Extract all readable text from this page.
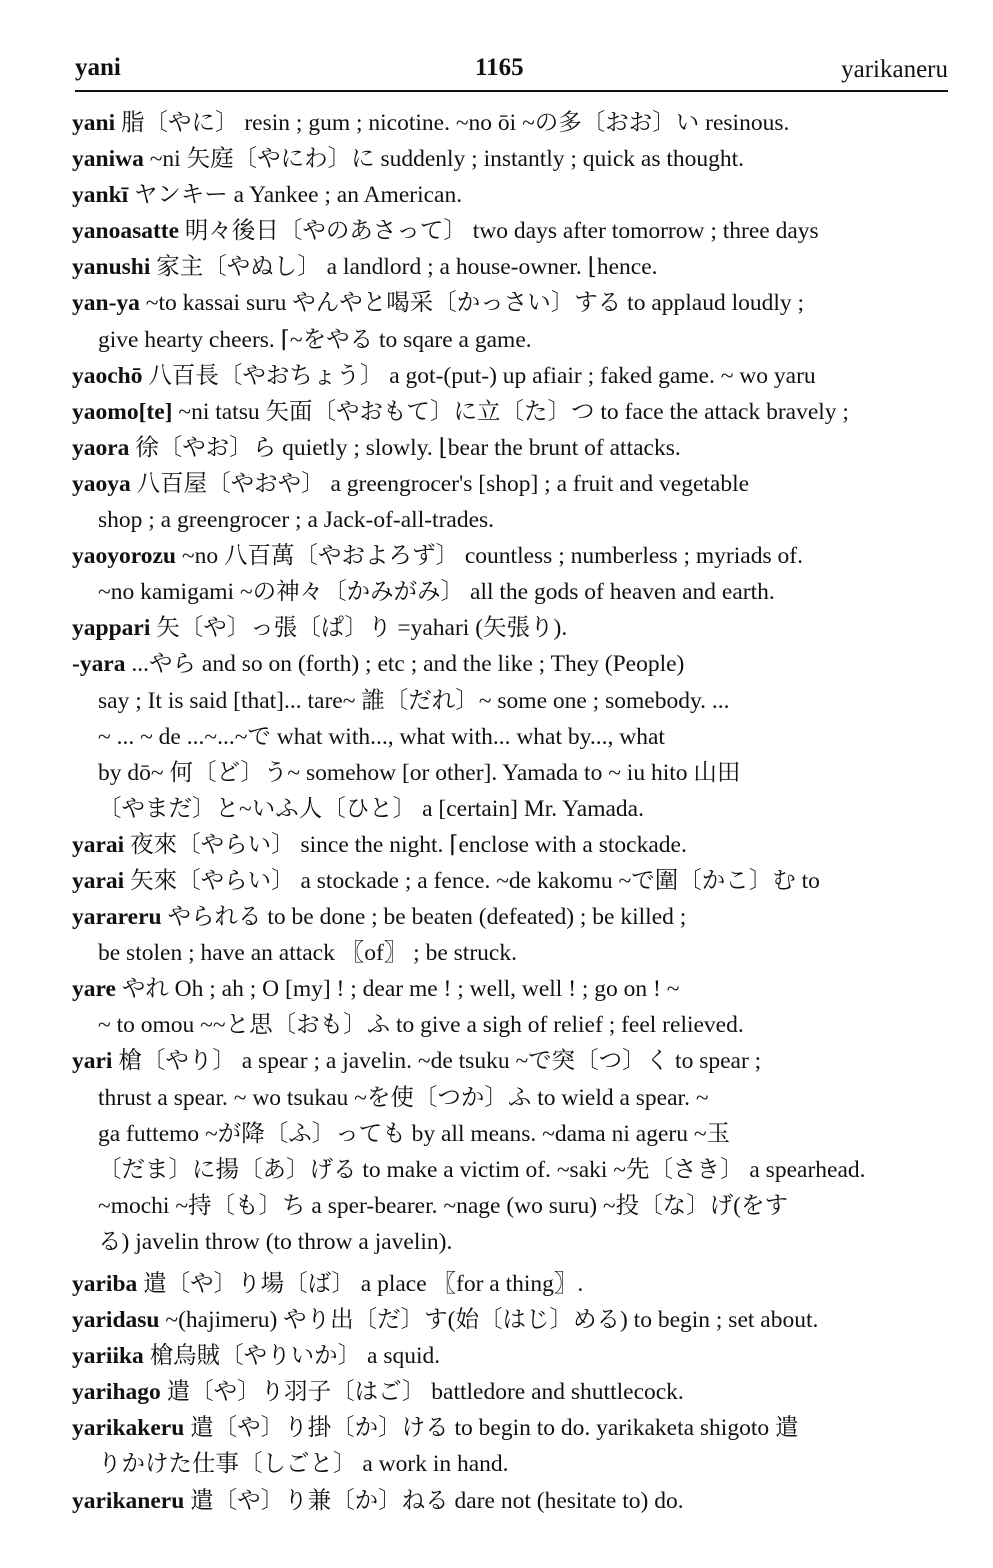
yani	1165	yarikaneru
yani 脂〔やに〕 resin ; gum ; nicotine. ~no ōi ~の多〔おお〕い resinous.
yaniwa ~ni 矢庭〔やにわ〕に suddenly ; instantly ; quick as thought.
yankī ヤンキー a Yankee ; an American.
yanoasatte 明々後日〔やのあさって〕 two days after tomorrow ; three days
yanushi 家主〔やぬし〕 a landlord ; a house-owner. ⌊hence.
yan-ya ~to kassai suru やんやと喝采〔かっさい〕する to applaud loudly ;
give hearty cheers. ⌈~をやる to sqare a game.
yaochō 八百長〔やおちょう〕 a got-(put-) up afiair ; faked game. ~ wo yaru
yaomo[te] ~ni tatsu 矢面〔やおもて〕に立〔た〕つ to face the attack bravely ;
yaora 徐〔やお〕ら quietly ; slowly. ⌊bear the brunt of attacks.
yaoya 八百屋〔やおや〕 a greengrocer's [shop] ; a fruit and vegetable
shop ; a greengrocer ; a Jack-of-all-trades.
yaoyorozu ~no 八百萬〔やおよろず〕 countless ; numberless ; myriads of.
~no kamigami ~の神々〔かみがみ〕 all the gods of heaven and earth.
yappari 矢〔や〕っ張〔ぱ〕り =yahari (矢張り).
-yara ...やら and so on (forth) ; etc ; and the like ; They (People)
say ; It is said [that]... tare~ 誰〔だれ〕~ some one ; somebody. ...
~ ... ~ de ...~...~で what with..., what with... what by..., what
by dō~ 何〔ど〕う~ somehow [or other]. Yamada to ~ iu hito 山田
〔やまだ〕と~いふ人〔ひと〕 a [certain] Mr. Yamada.
yarai 夜來〔やらい〕 since the night. ⌈enclose with a stockade.
yarai 矢來〔やらい〕 a stockade ; a fence. ~de kakomu ~で圍〔かこ〕む to
yarareru やられる to be done ; be beaten (defeated) ; be killed ;
be stolen ; have an attack 〖of〗 ; be struck.
yare やれ Oh ; ah ; O [my] ! ; dear me ! ; well, well ! ; go on ! ~
~ to omou ~~と思〔おも〕ふ to give a sigh of relief ; feel relieved.
yari 槍〔やり〕 a spear ; a javelin. ~de tsuku ~で突〔つ〕く to spear ;
thrust a spear. ~ wo tsukau ~を使〔つか〕ふ to wield a spear. ~
ga futtemo ~が降〔ふ〕っても by all means. ~dama ni ageru ~玉
〔だま〕に揚〔あ〕げる to make a victim of. ~saki ~先〔さき〕 a spearhead.
~mochi ~持〔も〕ち a sper-bearer. ~nage (wo suru) ~投〔な〕げ(をす
る) javelin throw (to throw a javelin).
yariba 遣〔や〕り場〔ば〕 a place 〖for a thing〗.
yaridasu ~(hajimeru) やり出〔だ〕す(始〔はじ〕める) to begin ; set about.
yariika 槍烏賊〔やりいか〕 a squid.
yarihago 遣〔や〕り羽子〔はご〕 battledore and shuttlecock.
yarikakeru 遣〔や〕り掛〔か〕ける to begin to do. yarikaketa shigoto 遣
りかけた仕事〔しごと〕 a work in hand.
yarikaneru 遣〔や〕り兼〔か〕ねる dare not (hesitate to) do.
